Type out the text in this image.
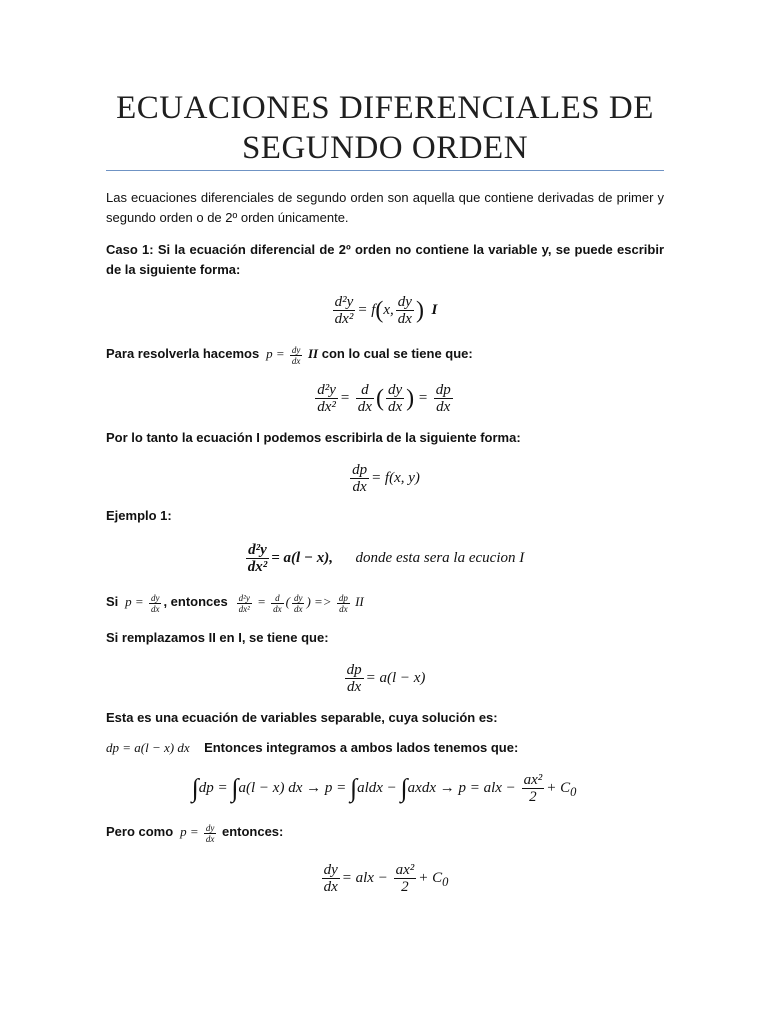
ECUACIONES DIFERENCIALES DE
SEGUNDO ORDEN
Las ecuaciones diferenciales de segundo orden son aquella que contiene derivadas de primer y segundo orden o de 2º orden únicamente.
Caso 1: Si la ecuación diferencial de 2º orden no contiene la variable y, se puede escribir de la siguiente forma:
$\frac{\text{d²y}}{\text{dx²}} = f(x$, $\frac{dy}{dx}$ ) I
Para resolverla hacemos  $p = \frac{dy}{dx}$ II con lo cual se tiene que:
$\frac{\text{d²y}}{\text{dx²}} = \frac{d}{dx}$ ( $\frac{dy}{dx}$ ) = $\frac{dp}{dx}$
Por lo tanto la ecuación I podemos escribirla de la siguiente forma:
$\frac{dp}{dx} = f(x$, y)
Ejemplo 1:
$\frac{\text{d²y}}{\text{dx²}} = a(l - x)$,      donde esta sera la ecucion I
Si  $p = \frac{dy}{dx}$ , entonces $\frac{\text{d²y}}{\text{dx²}} = \frac{d}{dx}$ ( $\frac{dy}{dx}$ ) => $\frac{dp}{dx}$ II
Si remplazamos II en I, se tiene que:
$\frac{dp}{dx} = a(l - x)$
Esta es una ecuación de variables separable, cuya solución es:
dp = a(l − x) dx Entonces integramos a ambos lados tenemos que:
∫dp = ∫a(l − x) dx → p = ∫aldx − ∫axdx → p = alx − $\frac{\text{ax²}}{2} + C_0$
Pero como  $p = \frac{dy}{dx}$ entonces:
$\frac{dy}{dx}$ = alx − $\frac{\text{ax²}}{2} + C_0$
